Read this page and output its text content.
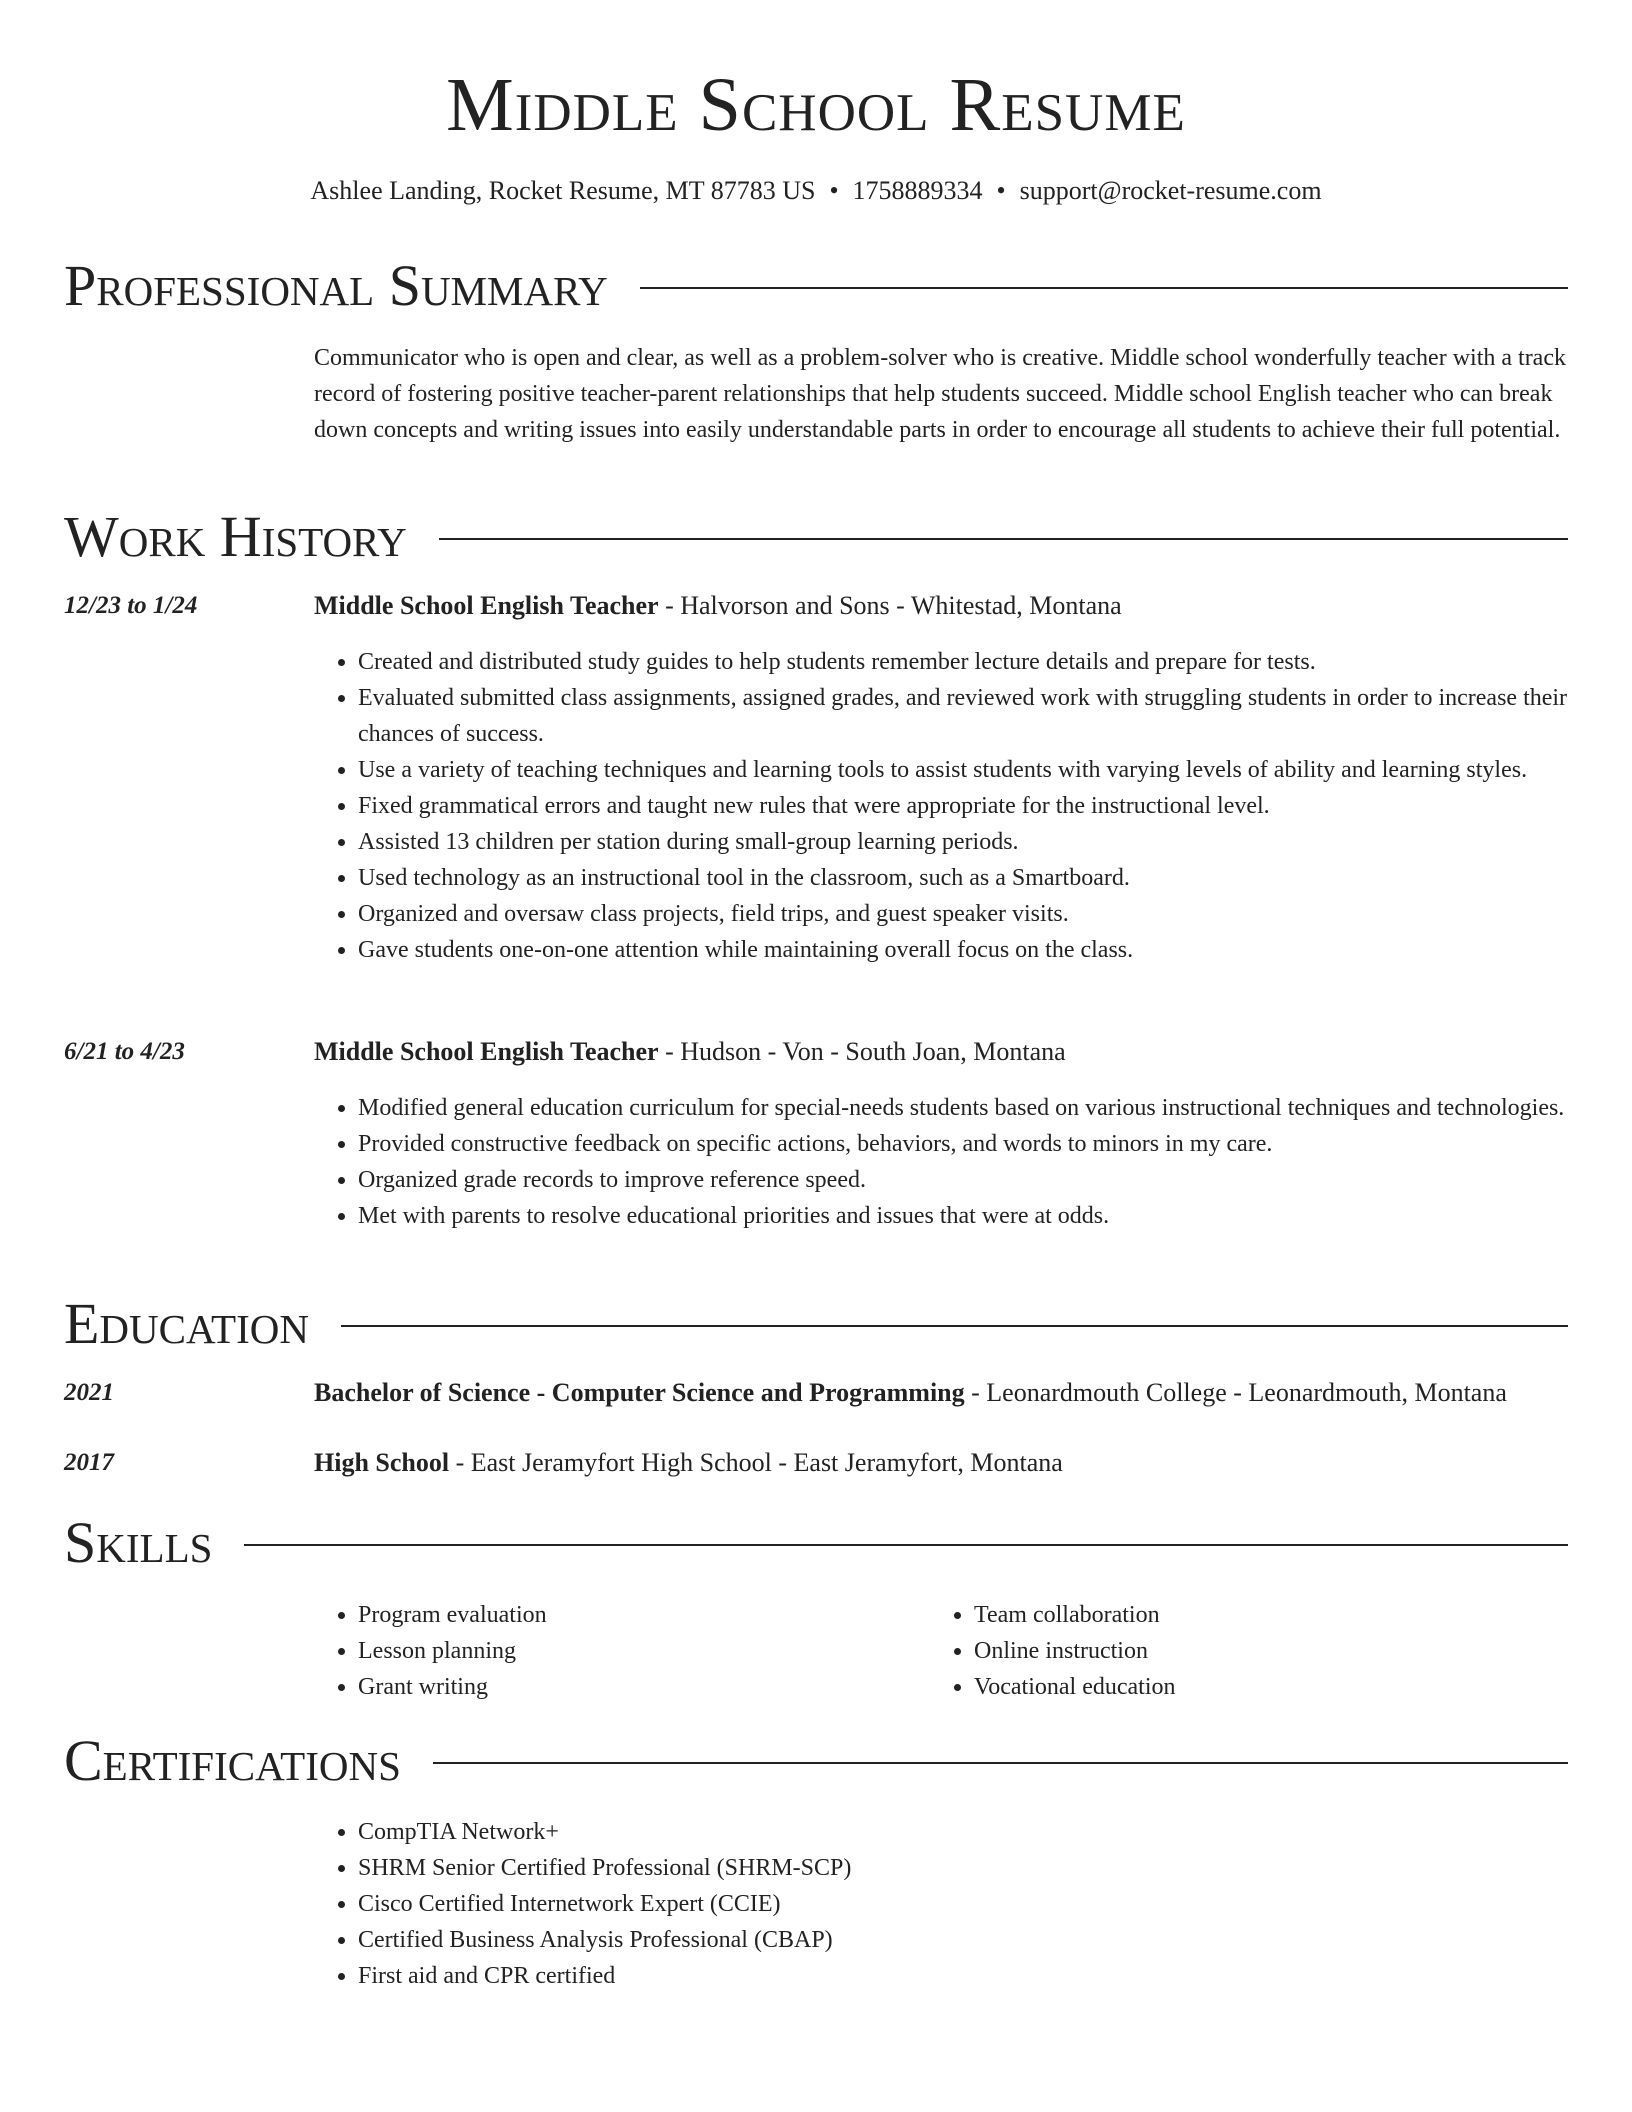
Middle School Resume
Ashlee Landing, Rocket Resume, MT 87783 US • 1758889334 • support@rocket-resume.com
Professional Summary

Communicator who is open and clear, as well as a problem-solver who is creative. Middle school wonderfully teacher with a track record of fostering positive teacher-parent relationships that help students succeed. Middle school English teacher who can break down concepts and writing issues into easily understandable parts in order to encourage all students to achieve their full potential.

Work History
12/23 to 1/24	Middle School English Teacher - Halvorson and Sons - Whitestad, Montana
• Created and distributed study guides to help students remember lecture details and prepare for tests.
• Evaluated submitted class assignments, assigned grades, and reviewed work with struggling students in order to increase their chances of success.
• Use a variety of teaching techniques and learning tools to assist students with varying levels of ability and learning styles.
• Fixed grammatical errors and taught new rules that were appropriate for the instructional level.
• Assisted 13 children per station during small-group learning periods.
• Used technology as an instructional tool in the classroom, such as a Smartboard.
• Organized and oversaw class projects, field trips, and guest speaker visits.
• Gave students one-on-one attention while maintaining overall focus on the class.
6/21 to 4/23	Middle School English Teacher - Hudson - Von - South Joan, Montana
• Modified general education curriculum for special-needs students based on various instructional techniques and technologies.
• Provided constructive feedback on specific actions, behaviors, and words to minors in my care.
• Organized grade records to improve reference speed.
• Met with parents to resolve educational priorities and issues that were at odds.
Education
2021	Bachelor of Science - Computer Science and Programming - Leonardmouth College - Leonardmouth, Montana
2017	High School - East Jeramyfort High School - East Jeramyfort, Montana
Skills
• Program evaluation
• Lesson planning
• Grant writing
• Team collaboration
• Online instruction
• Vocational education
Certifications
• CompTIA Network+
• SHRM Senior Certified Professional (SHRM-SCP)
• Cisco Certified Internetwork Expert (CCIE)
• Certified Business Analysis Professional (CBAP)
• First aid and CPR certified
